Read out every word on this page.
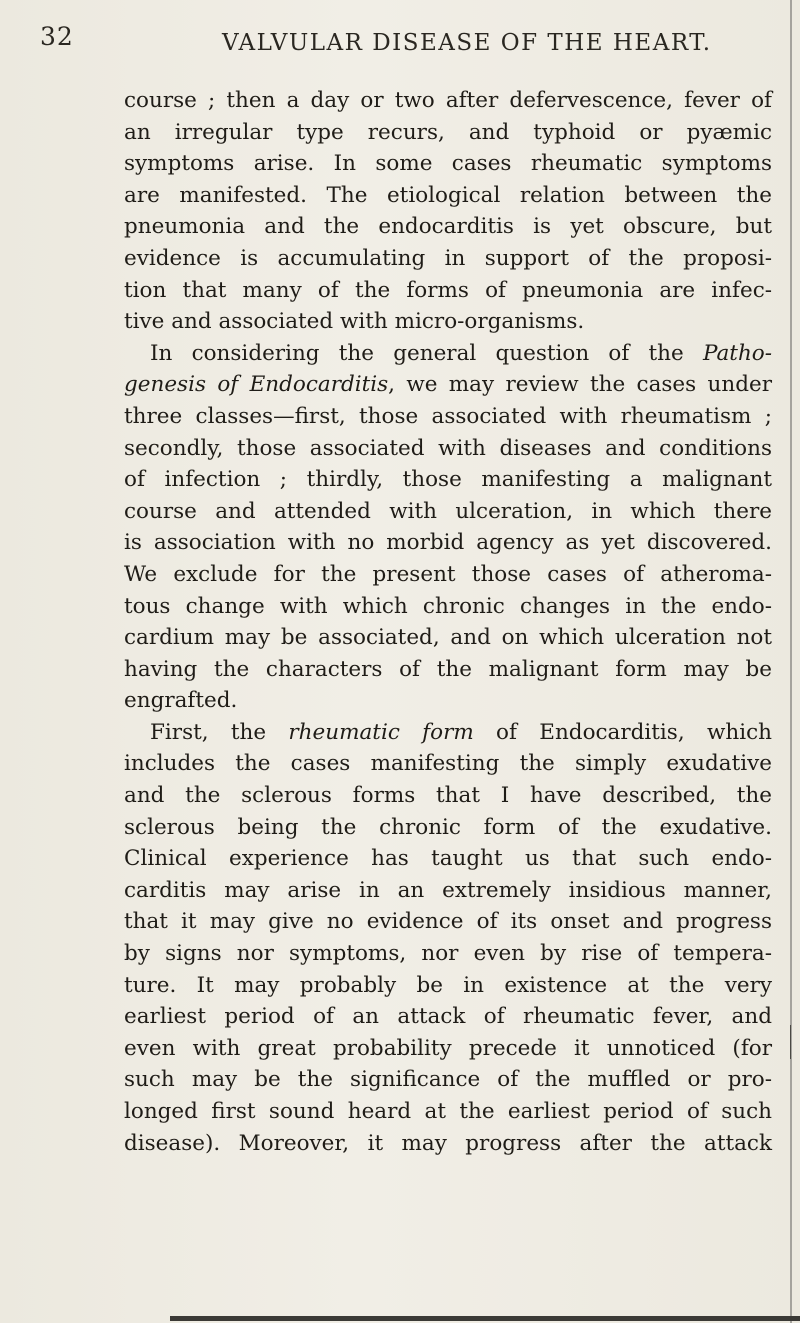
32	VALVULAR DISEASE OF THE HEART.
course ; then a day or two after defervescence, fever of
an irregular type recurs, and typhoid or pyæmic
symptoms arise. In some cases rheumatic symptoms
are manifested. The etiological relation between the
pneumonia and the endocarditis is yet obscure, but
evidence is accumulating in support of the proposi-
tion that many of the forms of pneumonia are infec-
tive and associated with micro-organisms.
In considering the general question of the Patho-
genesis of Endocarditis, we may review the cases under
three classes—first, those associated with rheumatism ;
secondly, those associated with diseases and conditions
of infection ; thirdly, those manifesting a malignant
course and attended with ulceration, in which there
is association with no morbid agency as yet discovered.
We exclude for the present those cases of atheroma-
tous change with which chronic changes in the endo-
cardium may be associated, and on which ulceration not
having the characters of the malignant form may be
engrafted.
First, the rheumatic form of Endocarditis, which
includes the cases manifesting the simply exudative
and the sclerous forms that I have described, the
sclerous being the chronic form of the exudative.
Clinical experience has taught us that such endo-
carditis may arise in an extremely insidious manner,
that it may give no evidence of its onset and progress
by signs nor symptoms, nor even by rise of tempera-
ture. It may probably be in existence at the very
earliest period of an attack of rheumatic fever, and
even with great probability precede it unnoticed (for
such may be the significance of the muffled or pro-
longed first sound heard at the earliest period of such
disease). Moreover, it may progress after the attack
